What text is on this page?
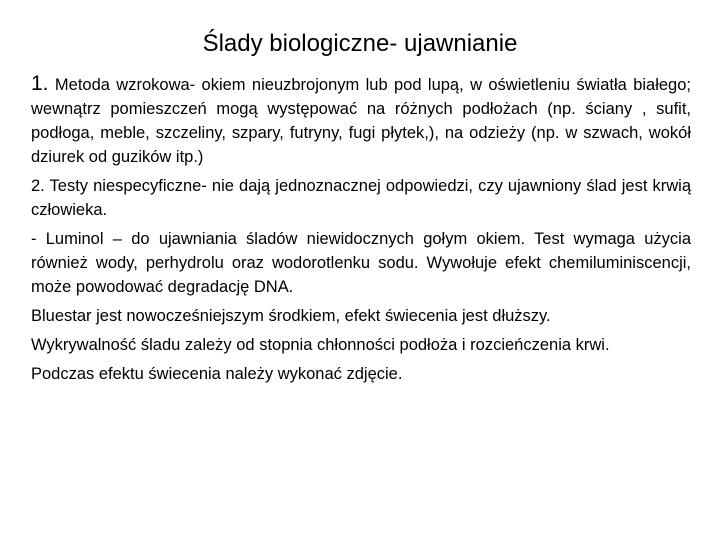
Ślady biologiczne- ujawnianie

1. Metoda wzrokowa- okiem nieuzbrojonym lub pod lupą, w oświetleniu światła białego; wewnątrz pomieszczeń mogą występować na różnych podłożach (np. ściany , sufit, podłoga, meble, szczeliny, szpary, futryny, fugi płytek,), na odzieży (np. w szwach, wokół dziurek od guzików itp.)

2. Testy niespecyficzne- nie dają jednoznacznej odpowiedzi, czy ujawniony ślad jest krwią człowieka.

- Luminol – do ujawniania śladów niewidocznych gołym okiem. Test wymaga użycia również wody, perhydrolu oraz wodorotlenku sodu. Wywołuje efekt chemiluminiscencji, może powodować degradację DNA.

Bluestar jest nowocześniejszym środkiem, efekt świecenia jest dłuższy.

Wykrywalność śladu zależy od stopnia chłonności podłoża i rozcieńczenia krwi.

Podczas efektu świecenia należy wykonać zdjęcie.
